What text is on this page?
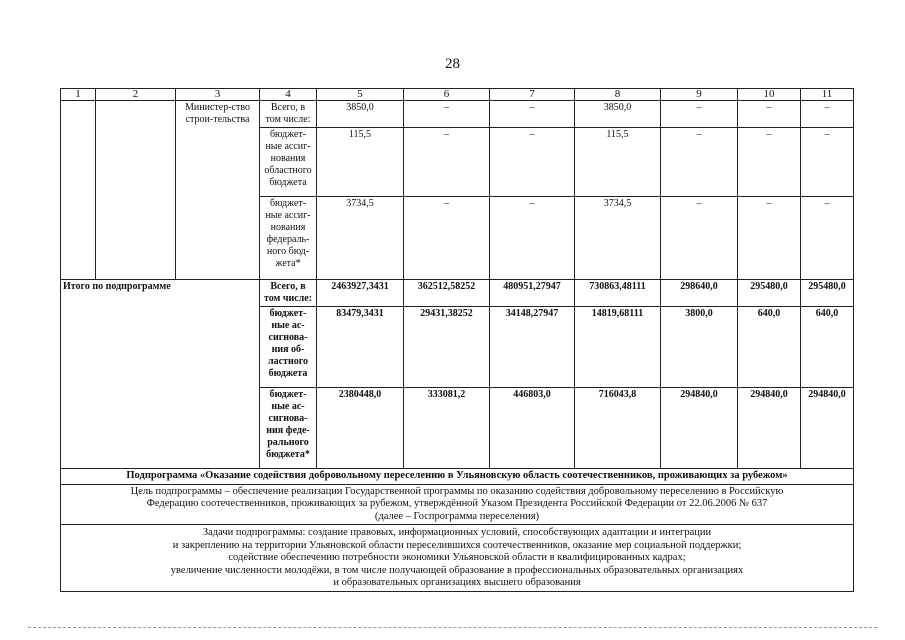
28
1	2	3	4	5	6	7	8	9	10	11
		Министер-ство строи-тельства	Всего, в том числе:	3850,0	–	–	3850,0	–	–	–
			бюджет-ные ассиг-нования областного бюджета	115,5	–	–	115,5	–	–	–
			бюджет-ные ассиг-нования федераль-ного бюд-жета*	3734,5	–	–	3734,5	–	–	–
Итого по подпрограмме			Всего, в том числе:	2463927,3431	362512,58252	480951,27947	730863,48111	298640,0	295480,0	295480,0
			бюджет-ные ас-сигнова-ния об-ластного бюджета	83479,3431	29431,38252	34148,27947	14819,68111	3800,0	640,0	640,0
			бюджет-ные ас-сигнова-ния феде-рального бюджета*	2380448,0	333081,2	446803,0	716043,8	294840,0	294840,0	294840,0
Подпрограмма «Оказание содействия добровольному переселению в Ульяновскую область соотечественников, проживающих за рубежом»										

Цель подпрограммы – обеспечение реализации Государственной программы по оказанию содействия добровольному переселению в Российскую
Федерацию соотечественников, проживающих за рубежом, утверждённой Указом Президента Российской Федерации от 22.06.2006 № 637
(далее – Госпрограмма переселения)										

Задачи подпрограммы: создание правовых, информационных условий, способствующих адаптации и интеграции
и закреплению на территории Ульяновской области переселившихся соотечественников, оказание мер социальной поддержки;
содействие обеспечению потребности экономики Ульяновской области в квалифицированных кадрах;
увеличение численности молодёжи, в том числе получающей образование в профессиональных образовательных организациях
и образовательных организациях высшего образования										
